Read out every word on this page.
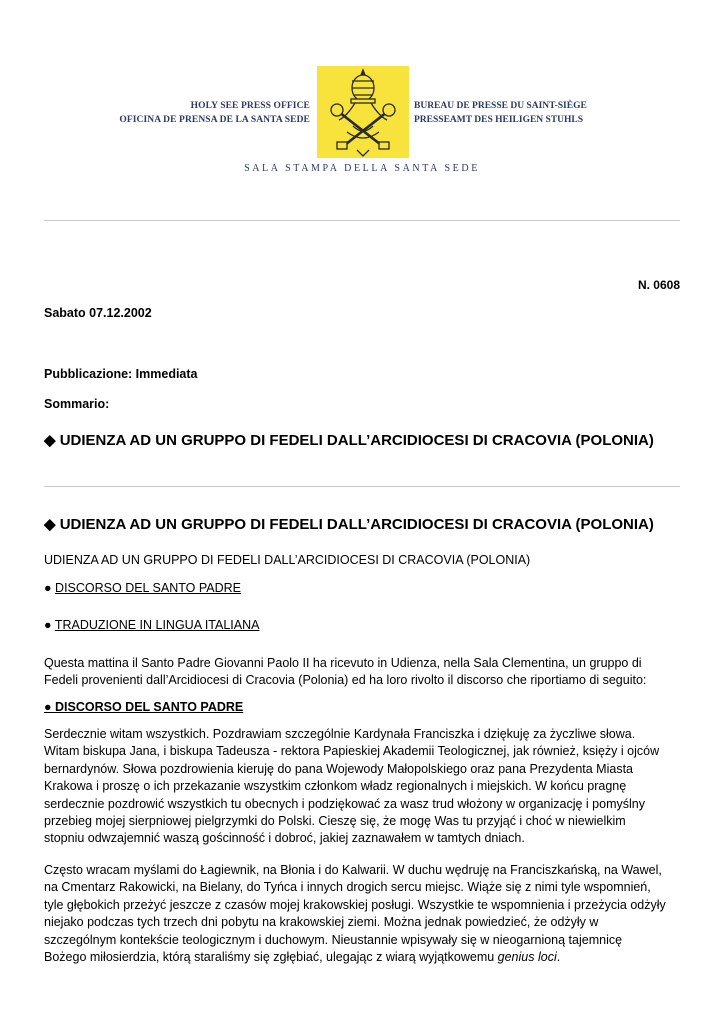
HOLY SEE PRESS OFFICE
OFICINA DE PRENSA DE LA SANTA SEDE
BUREAU DE PRESSE DU SAINT-SIÈGE
PRESSEAMT DES HEILIGEN STUHLS
SALA STAMPA DELLA SANTA SEDE
N. 0608
Sabato 07.12.2002
Pubblicazione: Immediata
Sommario:
◆ UDIENZA AD UN GRUPPO DI FEDELI DALL’ARCIDIOCESI DI CRACOVIA (POLONIA)
◆ UDIENZA AD UN GRUPPO DI FEDELI DALL’ARCIDIOCESI DI CRACOVIA (POLONIA)
UDIENZA AD UN GRUPPO DI FEDELI DALL’ARCIDIOCESI DI CRACOVIA (POLONIA)
● DISCORSO DEL SANTO PADRE
● TRADUZIONE IN LINGUA ITALIANA
Questa mattina il Santo Padre Giovanni Paolo II ha ricevuto in Udienza, nella Sala Clementina, un gruppo di
Fedeli provenienti dall’Arcidiocesi di Cracovia (Polonia) ed ha loro rivolto il discorso che riportiamo di seguito:
● DISCORSO DEL SANTO PADRE
Serdecznie witam wszystkich. Pozdrawiam szczególnie Kardynała Franciszka i dziękuję za życzliwe słowa.
Witam biskupa Jana, i biskupa Tadeusza - rektora Papieskiej Akademii Teologicznej, jak również, księży i ojców
bernardynów. Słowa pozdrowienia kieruję do pana Wojewody Małopolskiego oraz pana Prezydenta Miasta
Krakowa i proszę o ich przekazanie wszystkim członkom władz regionalnych i miejskich. W końcu pragnę
serdecznie pozdrowić wszystkich tu obecnych i podziękować za wasz trud włożony w organizację i pomyślny
przebieg mojej sierpniowej pielgrzymki do Polski. Cieszę się, że mogę Was tu przyjąć i choć w niewielkim
stopniu odwzajemnić waszą gościnność i dobroć, jakiej zaznawałem w tamtych dniach.
Często wracam myślami do Łagiewnik, na Błonia i do Kalwarii. W duchu wędruję na Franciszkańską, na Wawel,
na Cmentarz Rakowicki, na Bielany, do Tyńca i innych drogich sercu miejsc. Wiąże się z nimi tyle wspomnień,
tyle głębokich przeżyć jeszcze z czasów mojej krakowskiej posługi. Wszystkie te wspomnienia i przeżycia odżyły
niejako podczas tych trzech dni pobytu na krakowskiej ziemi. Można jednak powiedzieć, że odżyły w
szczególnym kontekście teologicznym i duchowym. Nieustannie wpisywały się w nieogarnioną tajemnicę
Bożego miłosierdzia, którą staraliśmy się zgłębiać, ulegając z wiarą wyjątkowemu genius loci.
